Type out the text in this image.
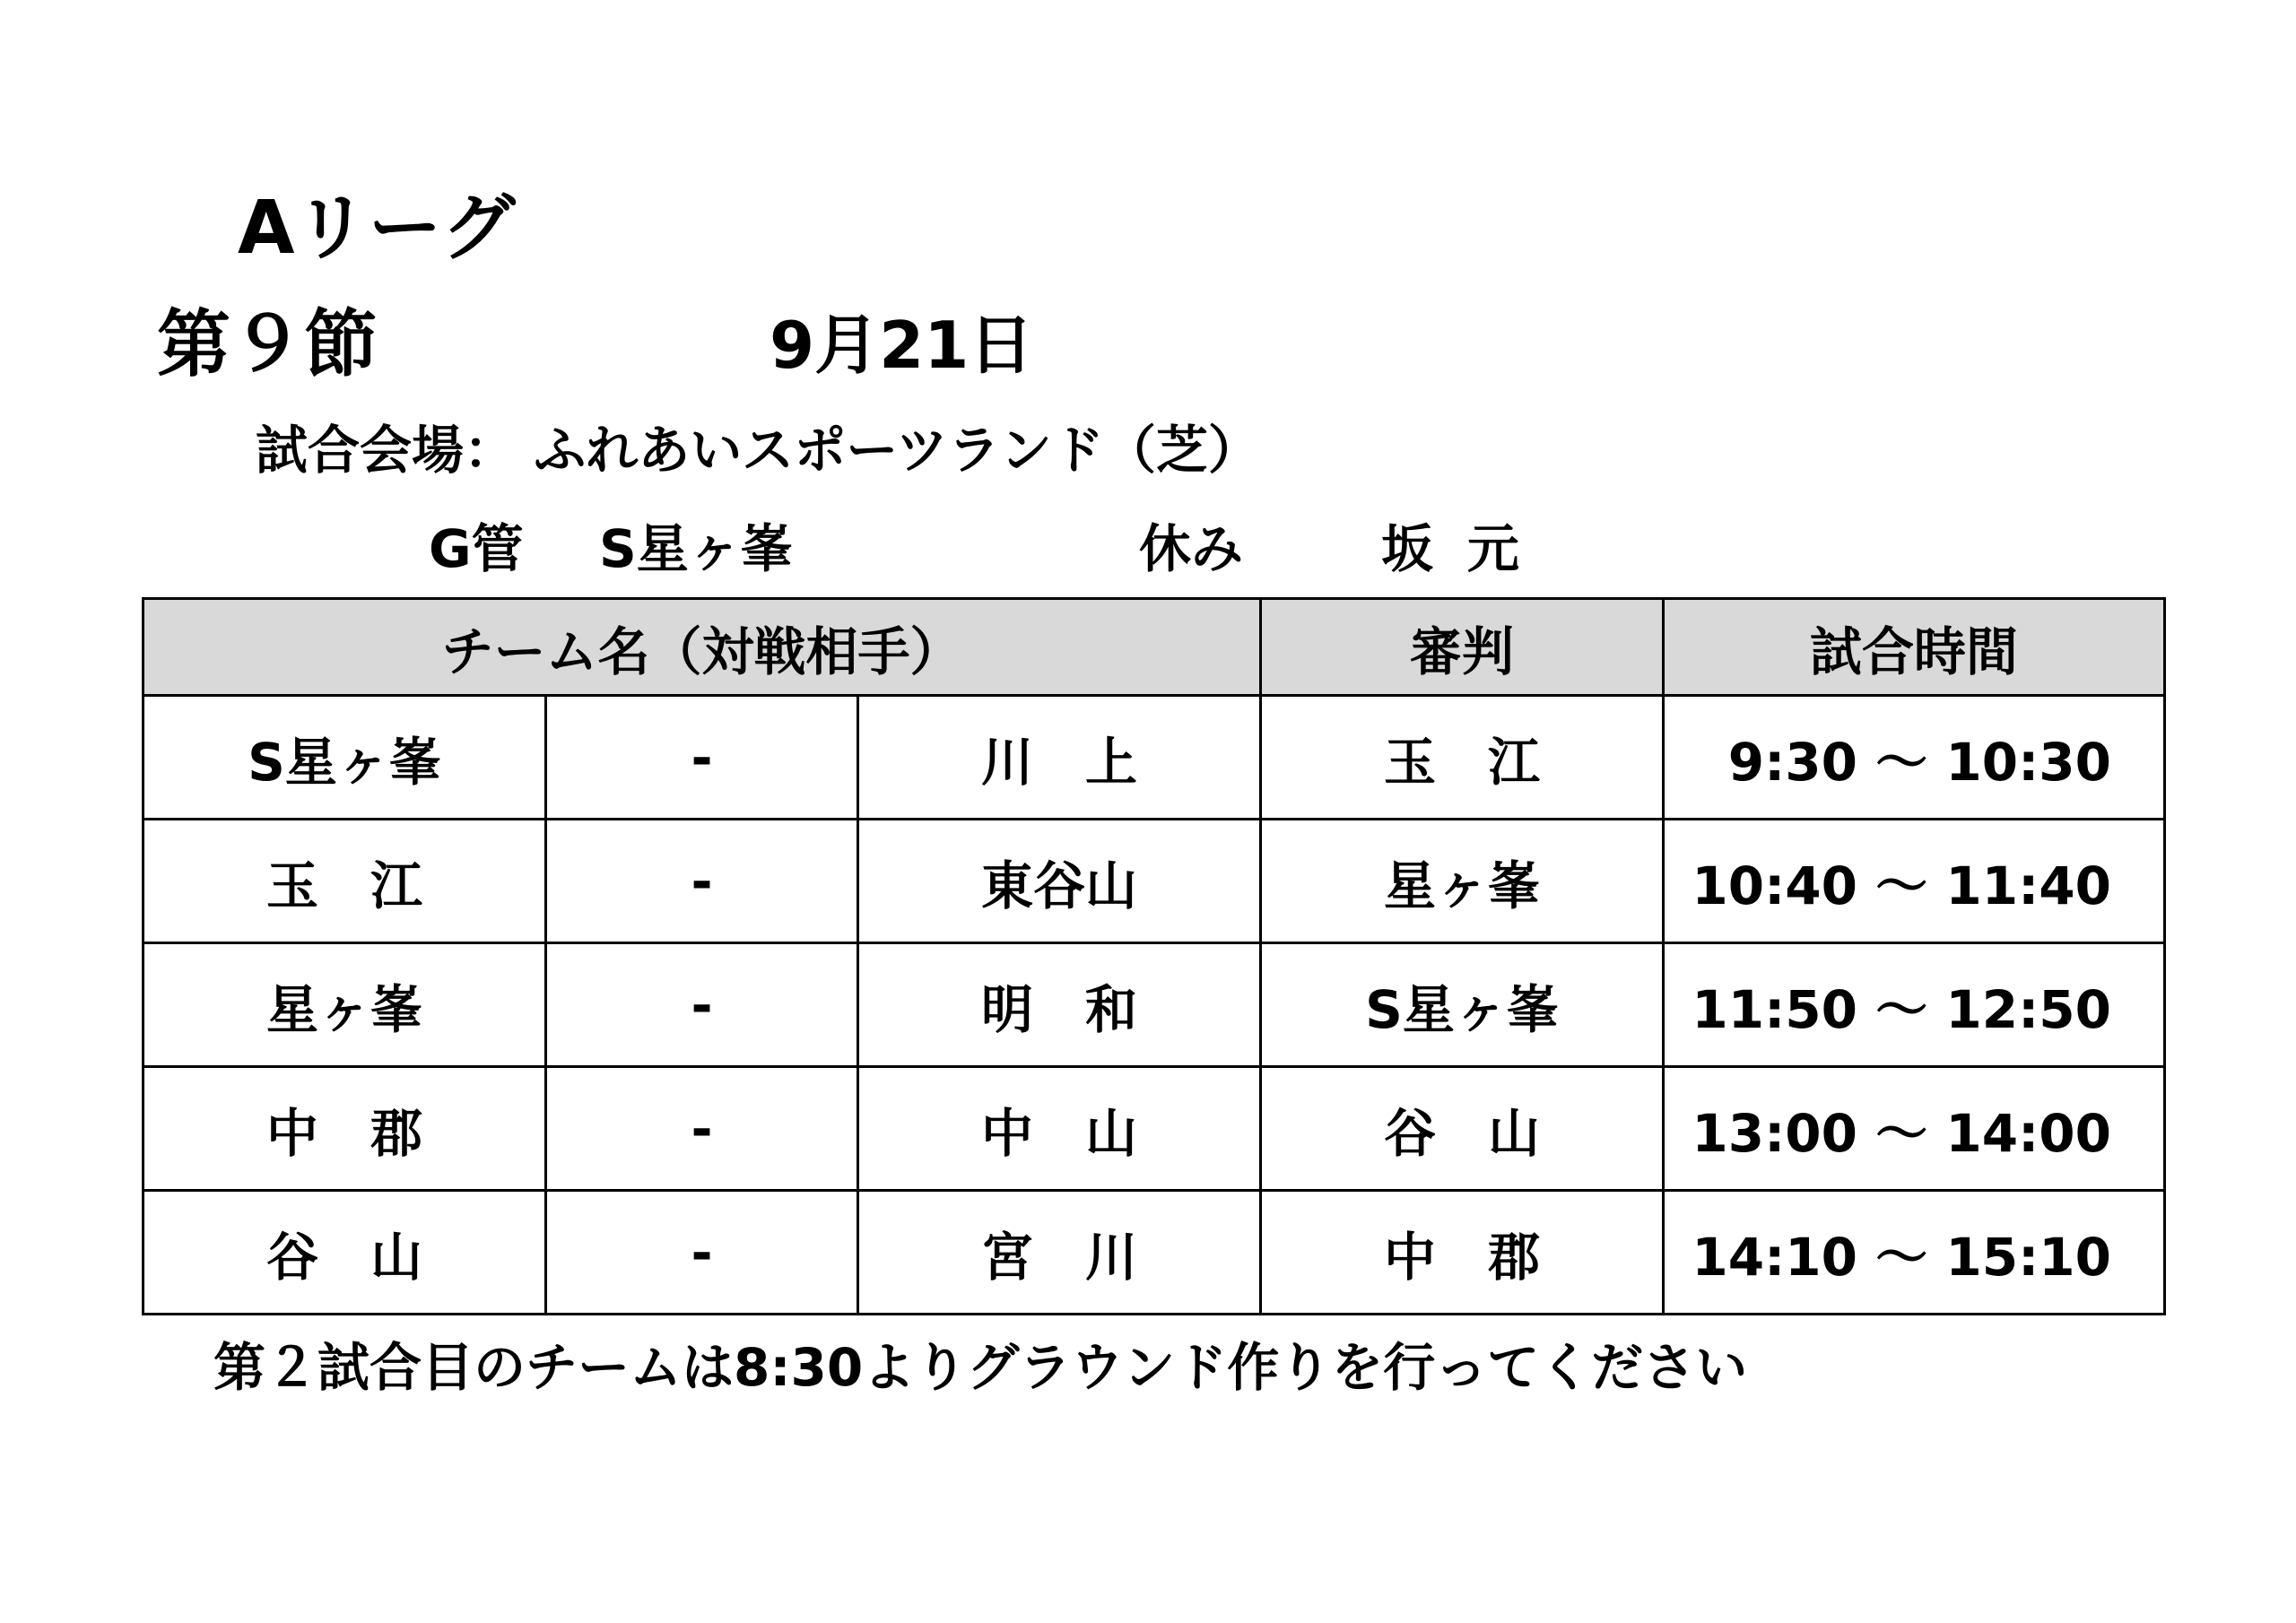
Aリーグ
第９節	9月21日
試合会場： ふれあいスポーツランド（芝）
G管 S星ヶ峯	休み	坂元
チーム名（対戦相手）			審判	試合時間
S星ヶ峯	-	川　上	玉　江	9:30 ～ 10:30
玉　江	-	東谷山	星ヶ峯	10:40 ～ 11:40
星ヶ峯	-	明　和	S星ヶ峯	11:50 ～ 12:50
中　郡	-	中　山	谷　山	13:00 ～ 14:00
谷　山	-	宮　川	中　郡	14:10 ～ 15:10
第２試合目のチームは8:30よりグラウンド作りを行ってください
